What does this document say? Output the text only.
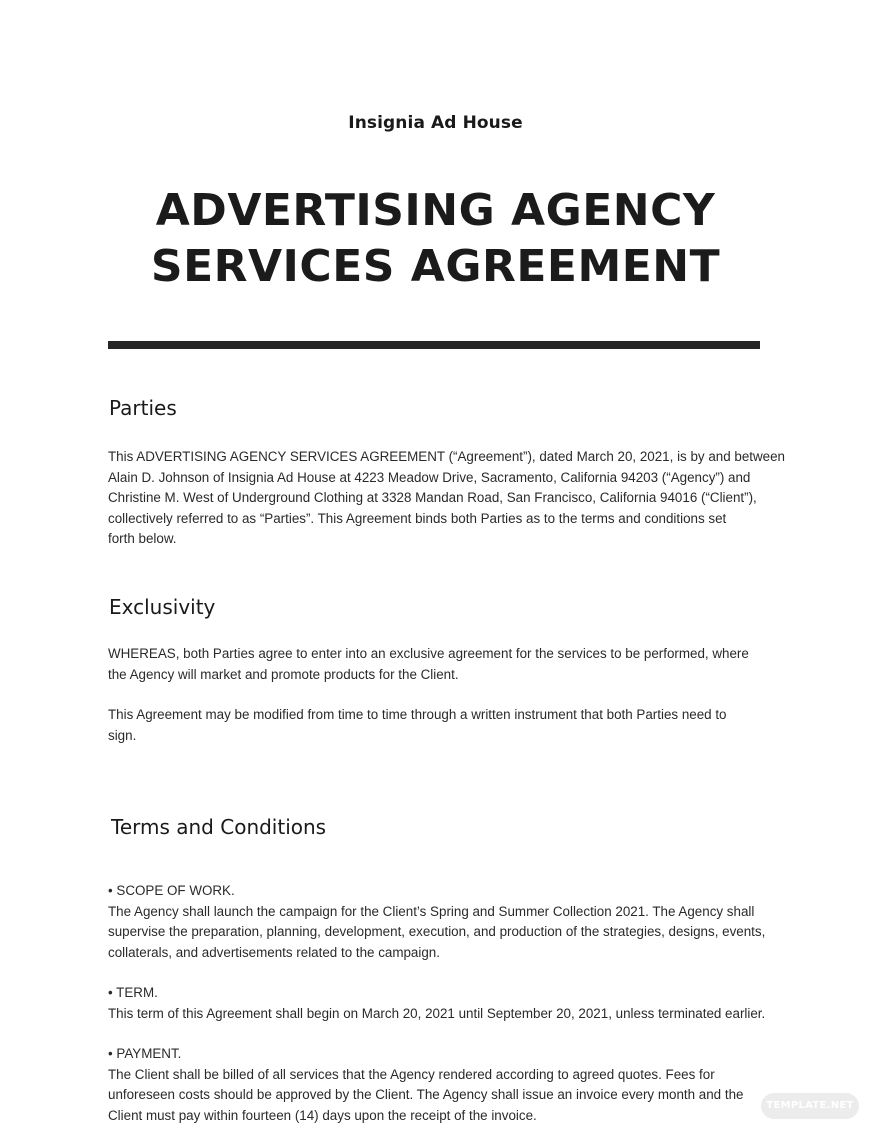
Insignia Ad House
ADVERTISING AGENCY
SERVICES AGREEMENT
Parties

This ADVERTISING AGENCY SERVICES AGREEMENT (“Agreement”), dated March 20, 2021, is by and between

Alain D. Johnson of Insignia Ad House at 4223 Meadow Drive, Sacramento, California 94203 (“Agency”) and

Christine M. West of Underground Clothing at 3328 Mandan Road, San Francisco, California 94016 (“Client”),

collectively referred to as “Parties”. This Agreement binds both Parties as to the terms and conditions set

forth below.

Exclusivity

WHEREAS, both Parties agree to enter into an exclusive agreement for the services to be performed, where

the Agency will market and promote products for the Client.

This Agreement may be modified from time to time through a written instrument that both Parties need to

sign.

Terms and Conditions

• SCOPE OF WORK.

The Agency shall launch the campaign for the Client’s Spring and Summer Collection 2021. The Agency shall

supervise the preparation, planning, development, execution, and production of the strategies, designs, events,

collaterals, and advertisements related to the campaign.

• TERM.

This term of this Agreement shall begin on March 20, 2021 until September 20, 2021, unless terminated earlier.

• PAYMENT.

The Client shall be billed of all services that the Agency rendered according to agreed quotes. Fees for

unforeseen costs should be approved by the Client. The Agency shall issue an invoice every month and the

Client must pay within fourteen (14) days upon the receipt of the invoice.

TEMPLATE.NET
